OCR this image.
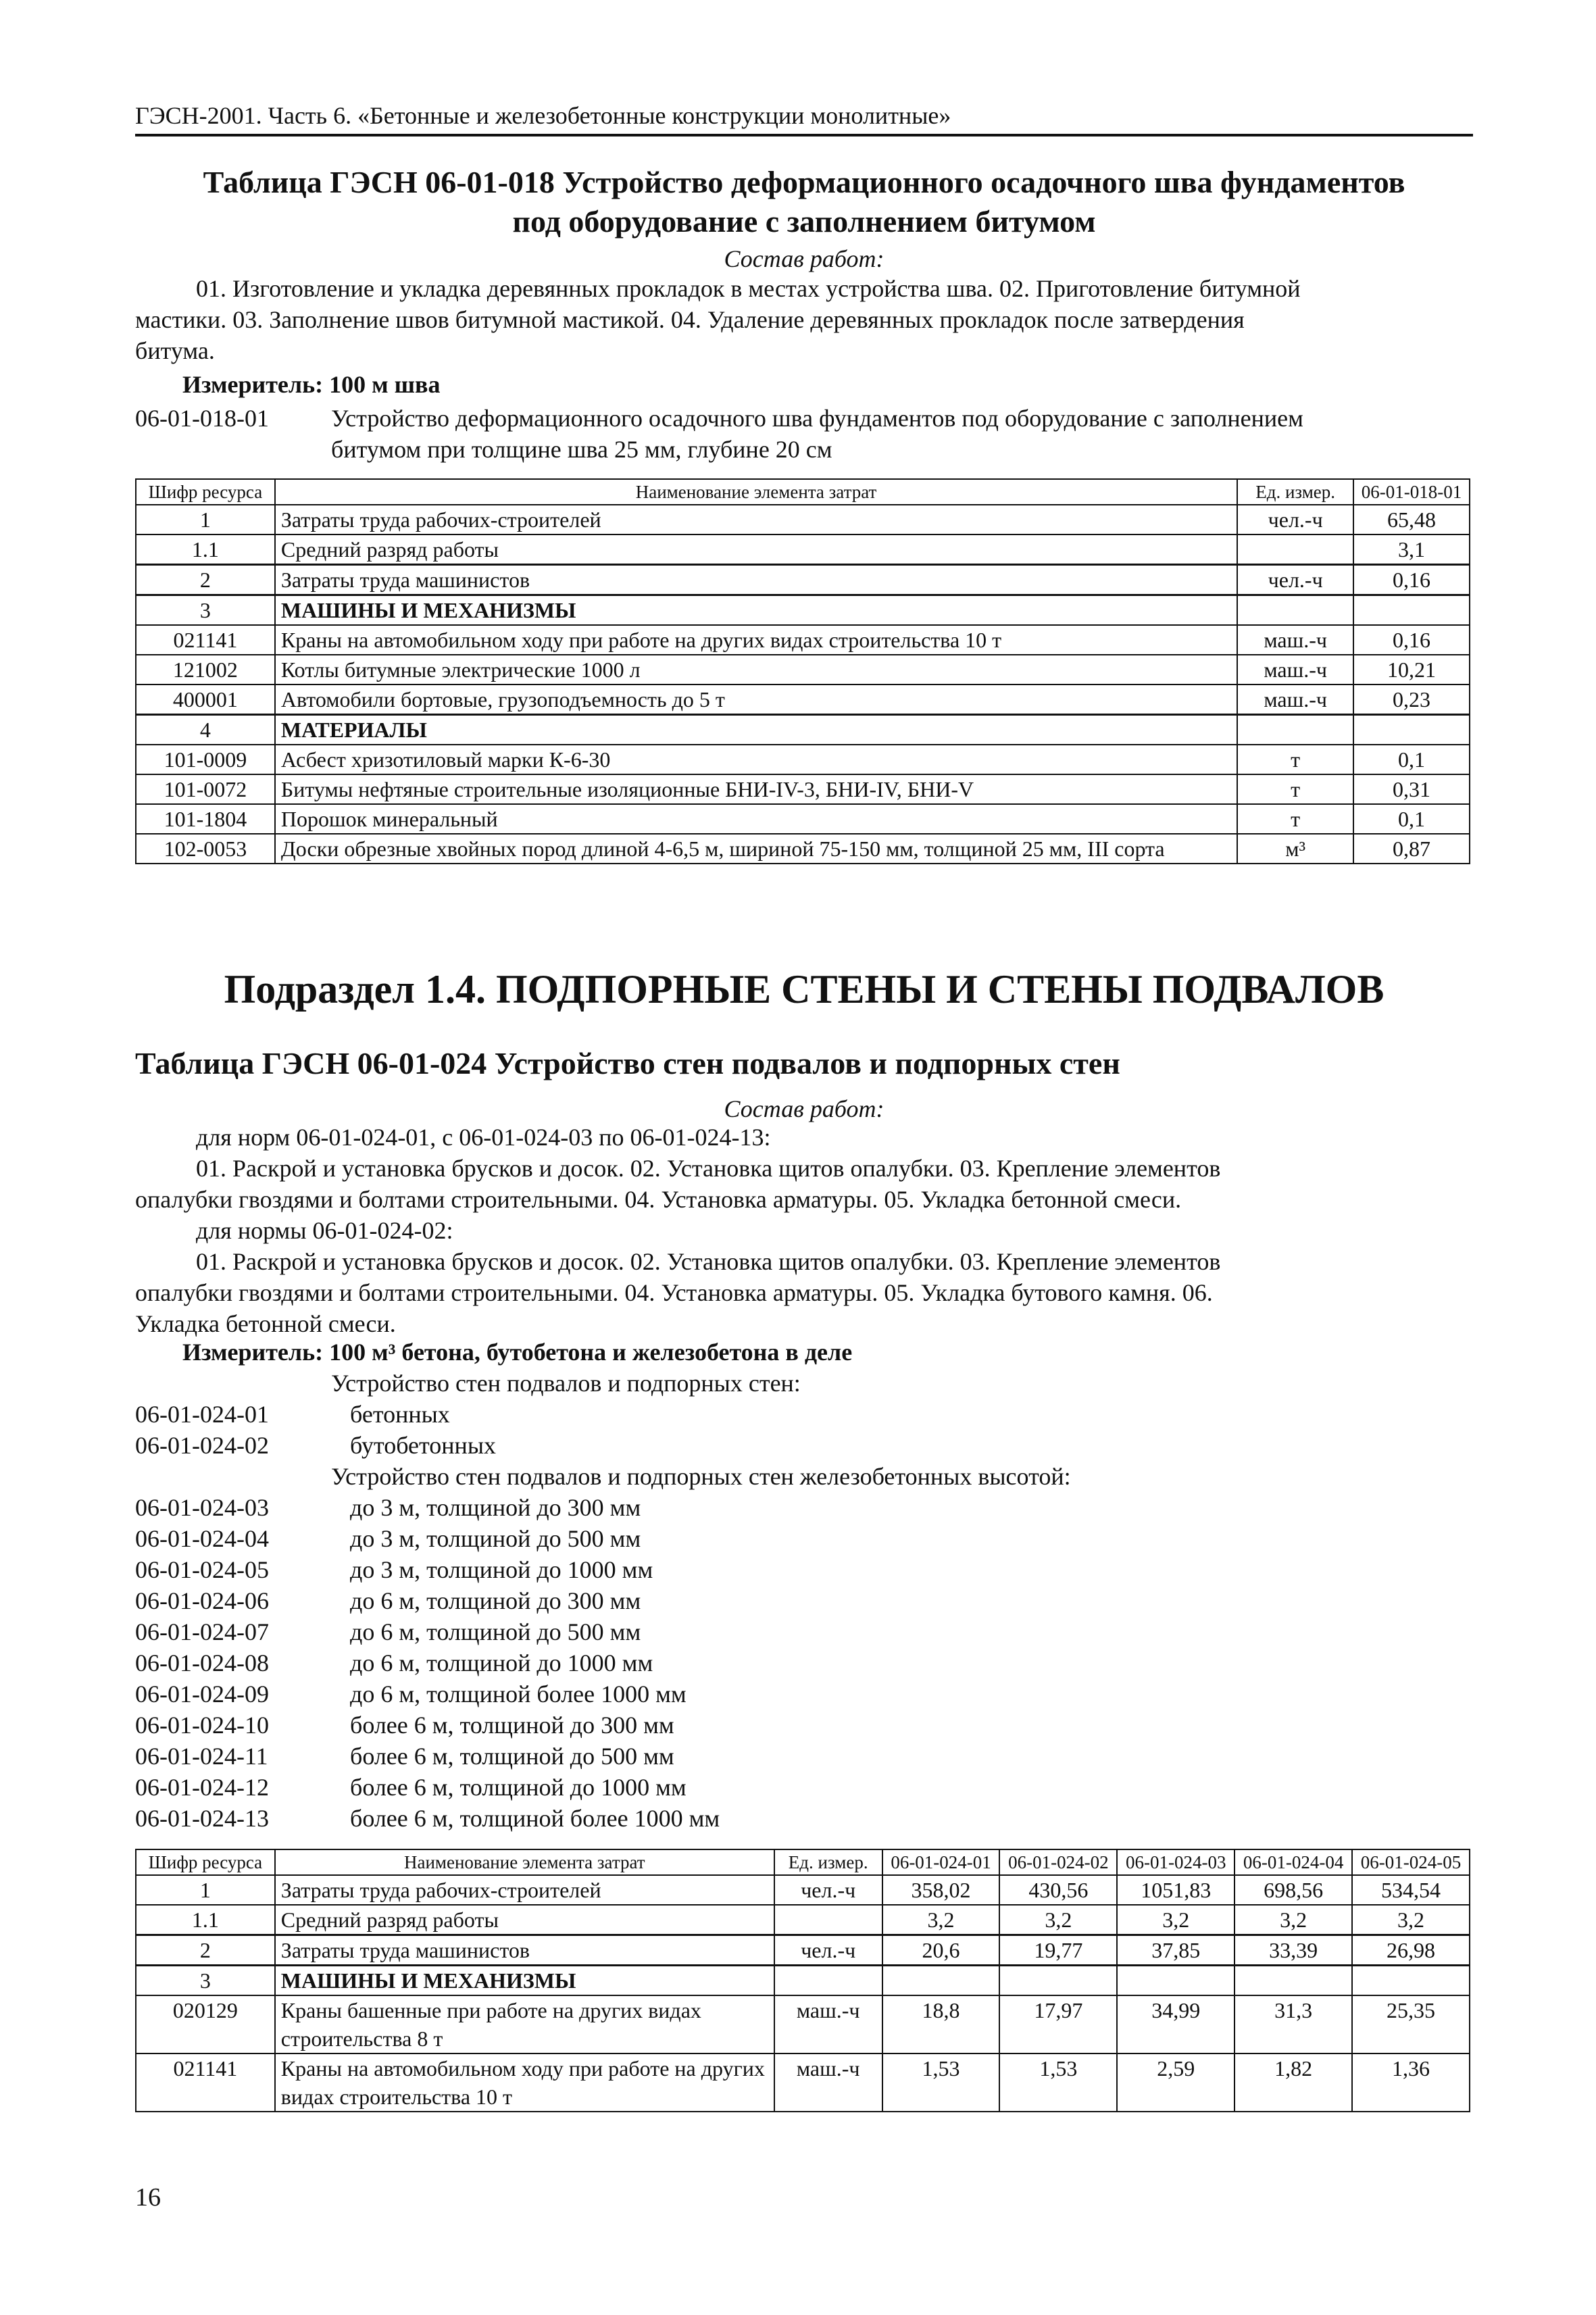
ГЭСН-2001. Часть 6. «Бетонные и железобетонные конструкции монолитные»
Таблица ГЭСН 06-01-018 Устройство деформационного осадочного шва фундаментов
под оборудование с заполнением битумом
Состав работ:
01. Изготовление и укладка деревянных прокладок в местах устройства шва. 02. Приготовление битумной
мастики. 03. Заполнение швов битумной мастикой. 04. Удаление деревянных прокладок после затвердения
битума.
Измеритель: 100 м шва
06-01-018-01	Устройство деформационного осадочного шва фундаментов под оборудование с заполнением
битумом при толщине шва 25 мм, глубине 20 см
Шифр ресурса	Наименование элемента затрат	Ед. измер.	06-01-018-01
1	Затраты труда рабочих-строителей	чел.-ч	65,48
1.1	Средний разряд работы		3,1
2	Затраты труда машинистов	чел.-ч	0,16
3	МАШИНЫ И МЕХАНИЗМЫ		
021141	Краны на автомобильном ходу при работе на других видах строительства 10 т	маш.-ч	0,16
121002	Котлы битумные электрические 1000 л	маш.-ч	10,21
400001	Автомобили бортовые, грузоподъемность до 5 т	маш.-ч	0,23
4	МАТЕРИАЛЫ		
101-0009	Асбест хризотиловый марки К-6-30	т	0,1
101-0072	Битумы нефтяные строительные изоляционные БНИ-IV-3, БНИ-IV, БНИ-V	т	0,31
101-1804	Порошок минеральный	т	0,1
102-0053	Доски обрезные хвойных пород длиной 4-6,5 м, шириной 75-150 мм, толщиной 25 мм, III сорта	м³	0,87
Подраздел 1.4. ПОДПОРНЫЕ СТЕНЫ И СТЕНЫ ПОДВАЛОВ
Таблица ГЭСН 06-01-024 Устройство стен подвалов и подпорных стен
Состав работ:
для норм 06-01-024-01, с 06-01-024-03 по 06-01-024-13:
01. Раскрой и установка брусков и досок. 02. Установка щитов опалубки. 03. Крепление элементов
опалубки гвоздями и болтами строительными. 04. Установка арматуры. 05. Укладка бетонной смеси.
для нормы 06-01-024-02:
01. Раскрой и установка брусков и досок. 02. Установка щитов опалубки. 03. Крепление элементов
опалубки гвоздями и болтами строительными. 04. Установка арматуры. 05. Укладка бутового камня. 06.
Укладка бетонной смеси.
Измеритель: 100 м³ бетона, бутобетона и железобетона в деле
Устройство стен подвалов и подпорных стен:
06-01-024-01	бетонных
06-01-024-02	бутобетонных
06-01-024-03	до 3 м, толщиной до 300 мм
06-01-024-04	до 3 м, толщиной до 500 мм
06-01-024-05	до 3 м, толщиной до 1000 мм
06-01-024-06	до 6 м, толщиной до 300 мм
06-01-024-07	до 6 м, толщиной до 500 мм
06-01-024-08	до 6 м, толщиной до 1000 мм
06-01-024-09	до 6 м, толщиной более 1000 мм
06-01-024-10	более 6 м, толщиной до 300 мм
06-01-024-11	более 6 м, толщиной до 500 мм
06-01-024-12	более 6 м, толщиной до 1000 мм
06-01-024-13	более 6 м, толщиной более 1000 мм
Устройство стен подвалов и подпорных стен железобетонных высотой:
Шифр ресурса	Наименование элемента затрат	Ед. измер.	06-01-024-01	06-01-024-02	06-01-024-03	06-01-024-04	06-01-024-05
1	Затраты труда рабочих-строителей	чел.-ч	358,02	430,56	1051,83	698,56	534,54
1.1	Средний разряд работы		3,2	3,2	3,2	3,2	3,2
2	Затраты труда машинистов	чел.-ч	20,6	19,77	37,85	33,39	26,98
3	МАШИНЫ И МЕХАНИЗМЫ						
020129	Краны башенные при работе на других видах строительства 8 т	маш.-ч	18,8	17,97	34,99	31,3	25,35
021141	Краны на автомобильном ходу при работе на других видах строительства 10 т	маш.-ч	1,53	1,53	2,59	1,82	1,36
16
